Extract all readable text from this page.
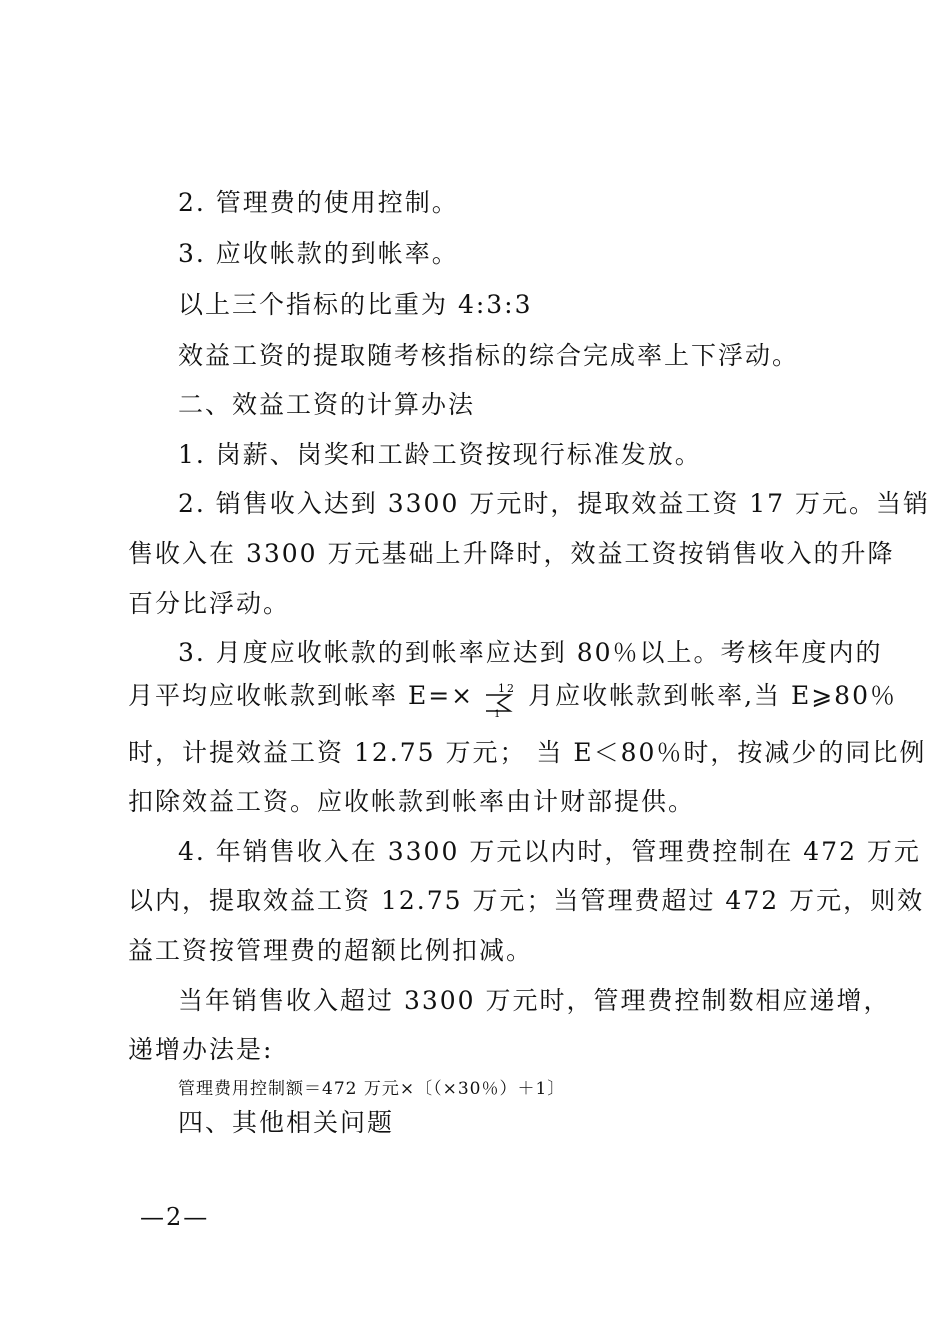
2. 管理费的使用控制。
3. 应收帐款的到帐率。
以上三个指标的比重为 4:3:3
效益工资的提取随考核指标的综合完成率上下浮动。
二、效益工资的计算办法
1. 岗薪、岗奖和工龄工资按现行标准发放。
2. 销售收入达到 3300 万元时，提取效益工资 17 万元。当销
售收入在 3300 万元基础上升降时，效益工资按销售收入的升降
百分比浮动。
3. 月度应收帐款的到帐率应达到 80％以上。考核年度内的
月平均应收帐款到帐率 E=× 12
1
月应收帐款到帐率,当 E⩾80％
时，计提效益工资 12.75 万元； 当 E＜80％时，按减少的同比例
扣除效益工资。应收帐款到帐率由计财部提供。
4. 年销售收入在 3300 万元以内时，管理费控制在 472 万元
以内，提取效益工资 12.75 万元；当管理费超过 472 万元，则效
益工资按管理费的超额比例扣减。
当年销售收入超过 3300 万元时，管理费控制数相应递增，
递增办法是:
管理费用控制额＝472 万元×〔（×30％）＋1〕
四、其他相关问题
—2—
